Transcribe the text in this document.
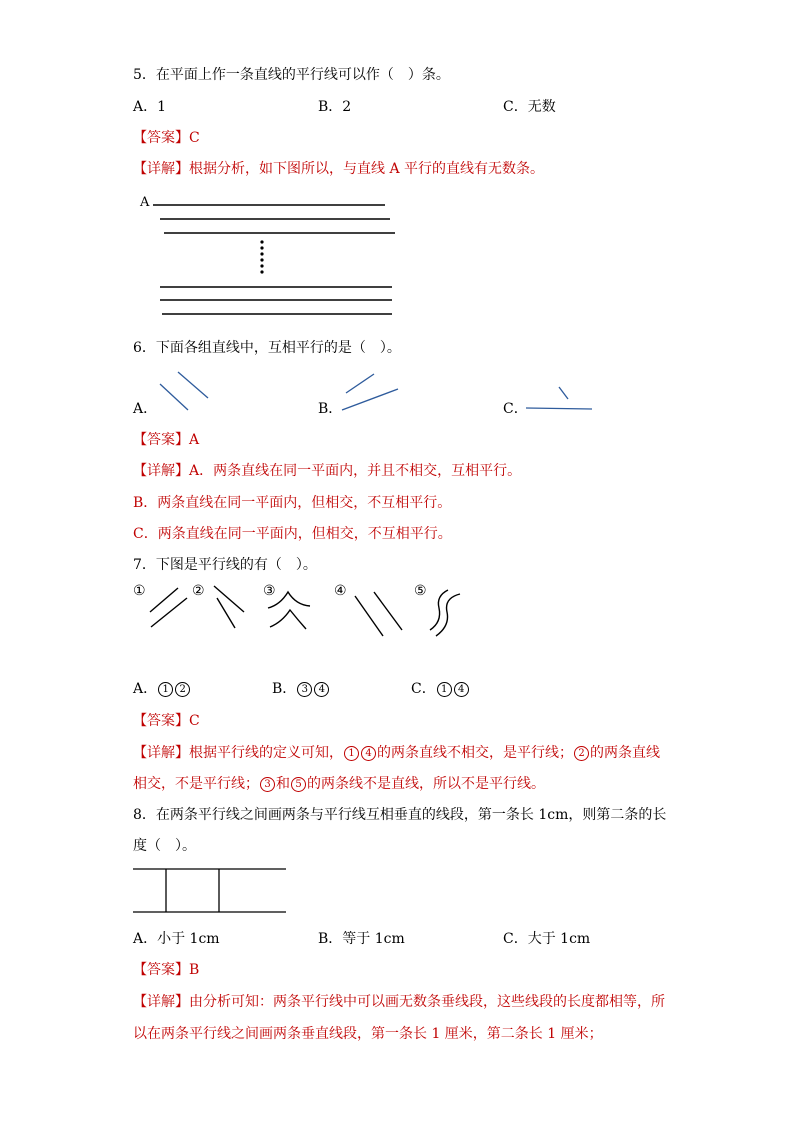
5．在平面上作一条直线的平行线可以作（　）条。
A．1	B．2	C．无数
【答案】C
【详解】根据分析，如下图所以，与直线 A 平行的直线有无数条。
A
6．下面各组直线中，互相平行的是（　）。
A．	B．	C．
【答案】A
【详解】A．两条直线在同一平面内，并且不相交，互相平行。
B．两条直线在同一平面内，但相交，不互相平行。
C．两条直线在同一平面内，但相交，不互相平行。
7．下图是平行线的有（　）。
①	②	③	④	⑤
A． 1 2	B． 3 4	C． 1 4
【答案】C
【详解】根据平行线的定义可知， 1 4 的两条直线不相交，是平行线； 2 的两条直线
相交，不是平行线； 3 和 5 的两条线不是直线，所以不是平行线。
8．在两条平行线之间画两条与平行线互相垂直的线段，第一条长 1cm，则第二条的长
度（　）。
A．小于 1cm	B．等于 1cm	C．大于 1cm
【答案】B
【详解】由分析可知：两条平行线中可以画无数条垂线段，这些线段的长度都相等，所
以在两条平行线之间画两条垂直线段，第一条长 1 厘米，第二条长 1 厘米；
